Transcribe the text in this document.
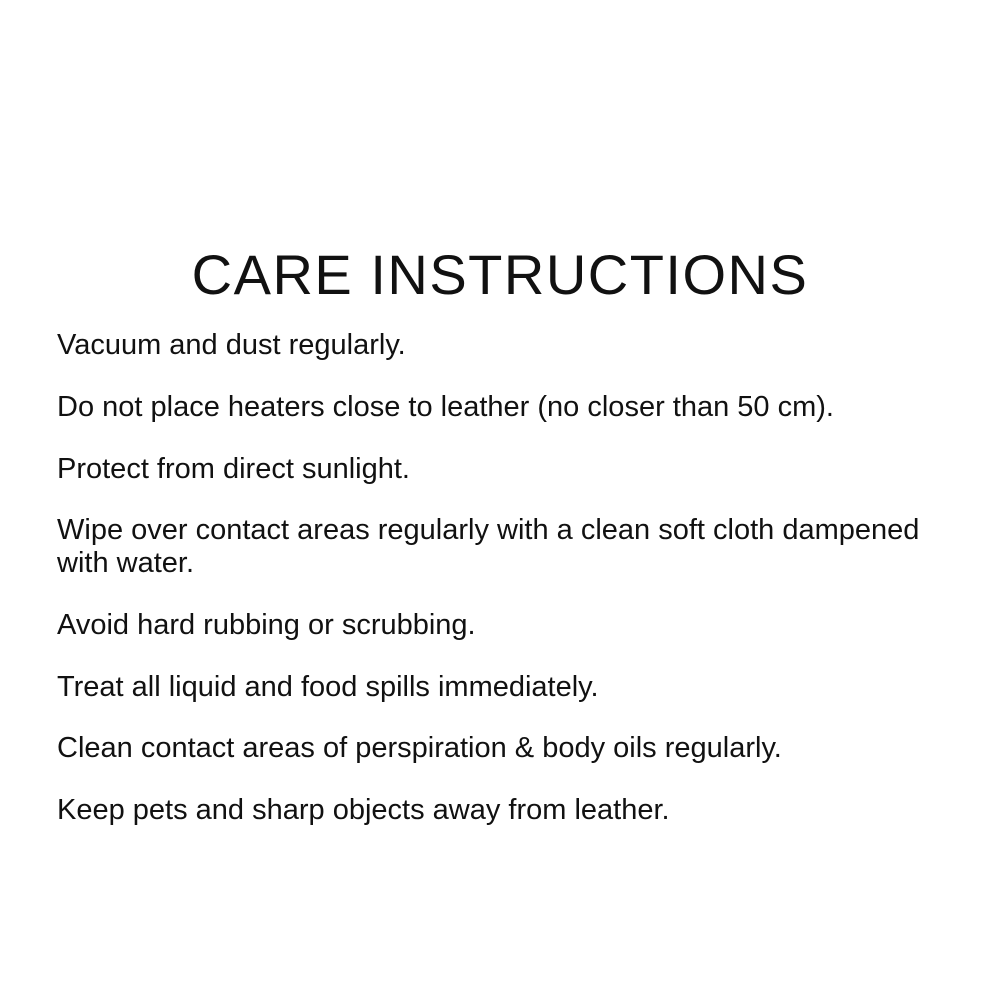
CARE INSTRUCTIONS

Vacuum and dust regularly.

Do not place heaters close to leather (no closer than 50 cm).

Protect from direct sunlight.

Wipe over contact areas regularly with a clean soft cloth dampened with water.

Avoid hard rubbing or scrubbing.

Treat all liquid and food spills immediately.

Clean contact areas of perspiration & body oils regularly.

Keep pets and sharp objects away from leather.
